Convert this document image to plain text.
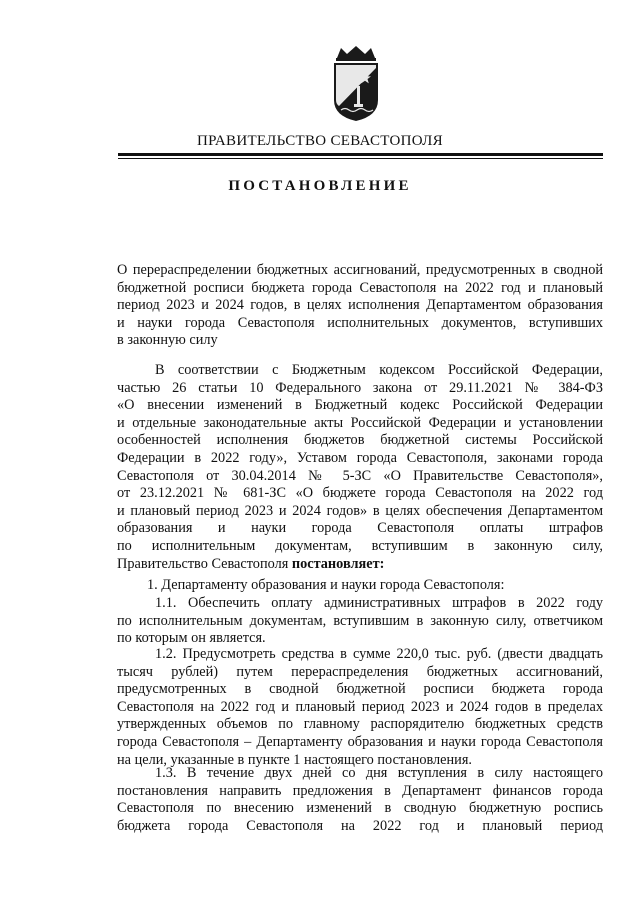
ПРАВИТЕЛЬСТВО СЕВАСТОПОЛЯ
ПОСТАНОВЛЕНИЕ

О перераспределении бюджетных ассигнований, предусмотренных в сводной

бюджетной росписи бюджета города Севастополя на 2022 год и плановый

период 2023 и 2024 годов, в целях исполнения Департаментом образования

и науки города Севастополя исполнительных документов, вступивших

в законную силу

В соответствии с Бюджетным кодексом Российской Федерации,

частью 26 статьи 10 Федерального закона от 29.11.2021 № 384-ФЗ

«О внесении изменений в Бюджетный кодекс Российской Федерации

и отдельные законодательные акты Российской Федерации и установлении

особенностей исполнения бюджетов бюджетной системы Российской

Федерации в 2022 году», Уставом города Севастополя, законами города

Севастополя от 30.04.2014 № 5-ЗС «О Правительстве Севастополя»,

от 23.12.2021 № 681-ЗС «О бюджете города Севастополя на 2022 год

и плановый период 2023 и 2024 годов» в целях обеспечения Департаментом

образования и науки города Севастополя оплаты штрафов

по исполнительным документам, вступившим в законную силу,

Правительство Севастополя постановляет:

1. Департаменту образования и науки города Севастополя:

1.1. Обеспечить оплату административных штрафов в 2022 году

по исполнительным документам, вступившим в законную силу, ответчиком

по которым он является.

1.2. Предусмотреть средства в сумме 220,0 тыс. руб. (двести двадцать

тысяч рублей) путем перераспределения бюджетных ассигнований,

предусмотренных в сводной бюджетной росписи бюджета города

Севастополя на 2022 год и плановый период 2023 и 2024 годов в пределах

утвержденных объемов по главному распорядителю бюджетных средств

города Севастополя – Департаменту образования и науки города Севастополя

на цели, указанные в пункте 1 настоящего постановления.

1.3. В течение двух дней со дня вступления в силу настоящего

постановления направить предложения в Департамент финансов города

Севастополя по внесению изменений в сводную бюджетную роспись

бюджета города Севастополя на 2022 год и плановый период
